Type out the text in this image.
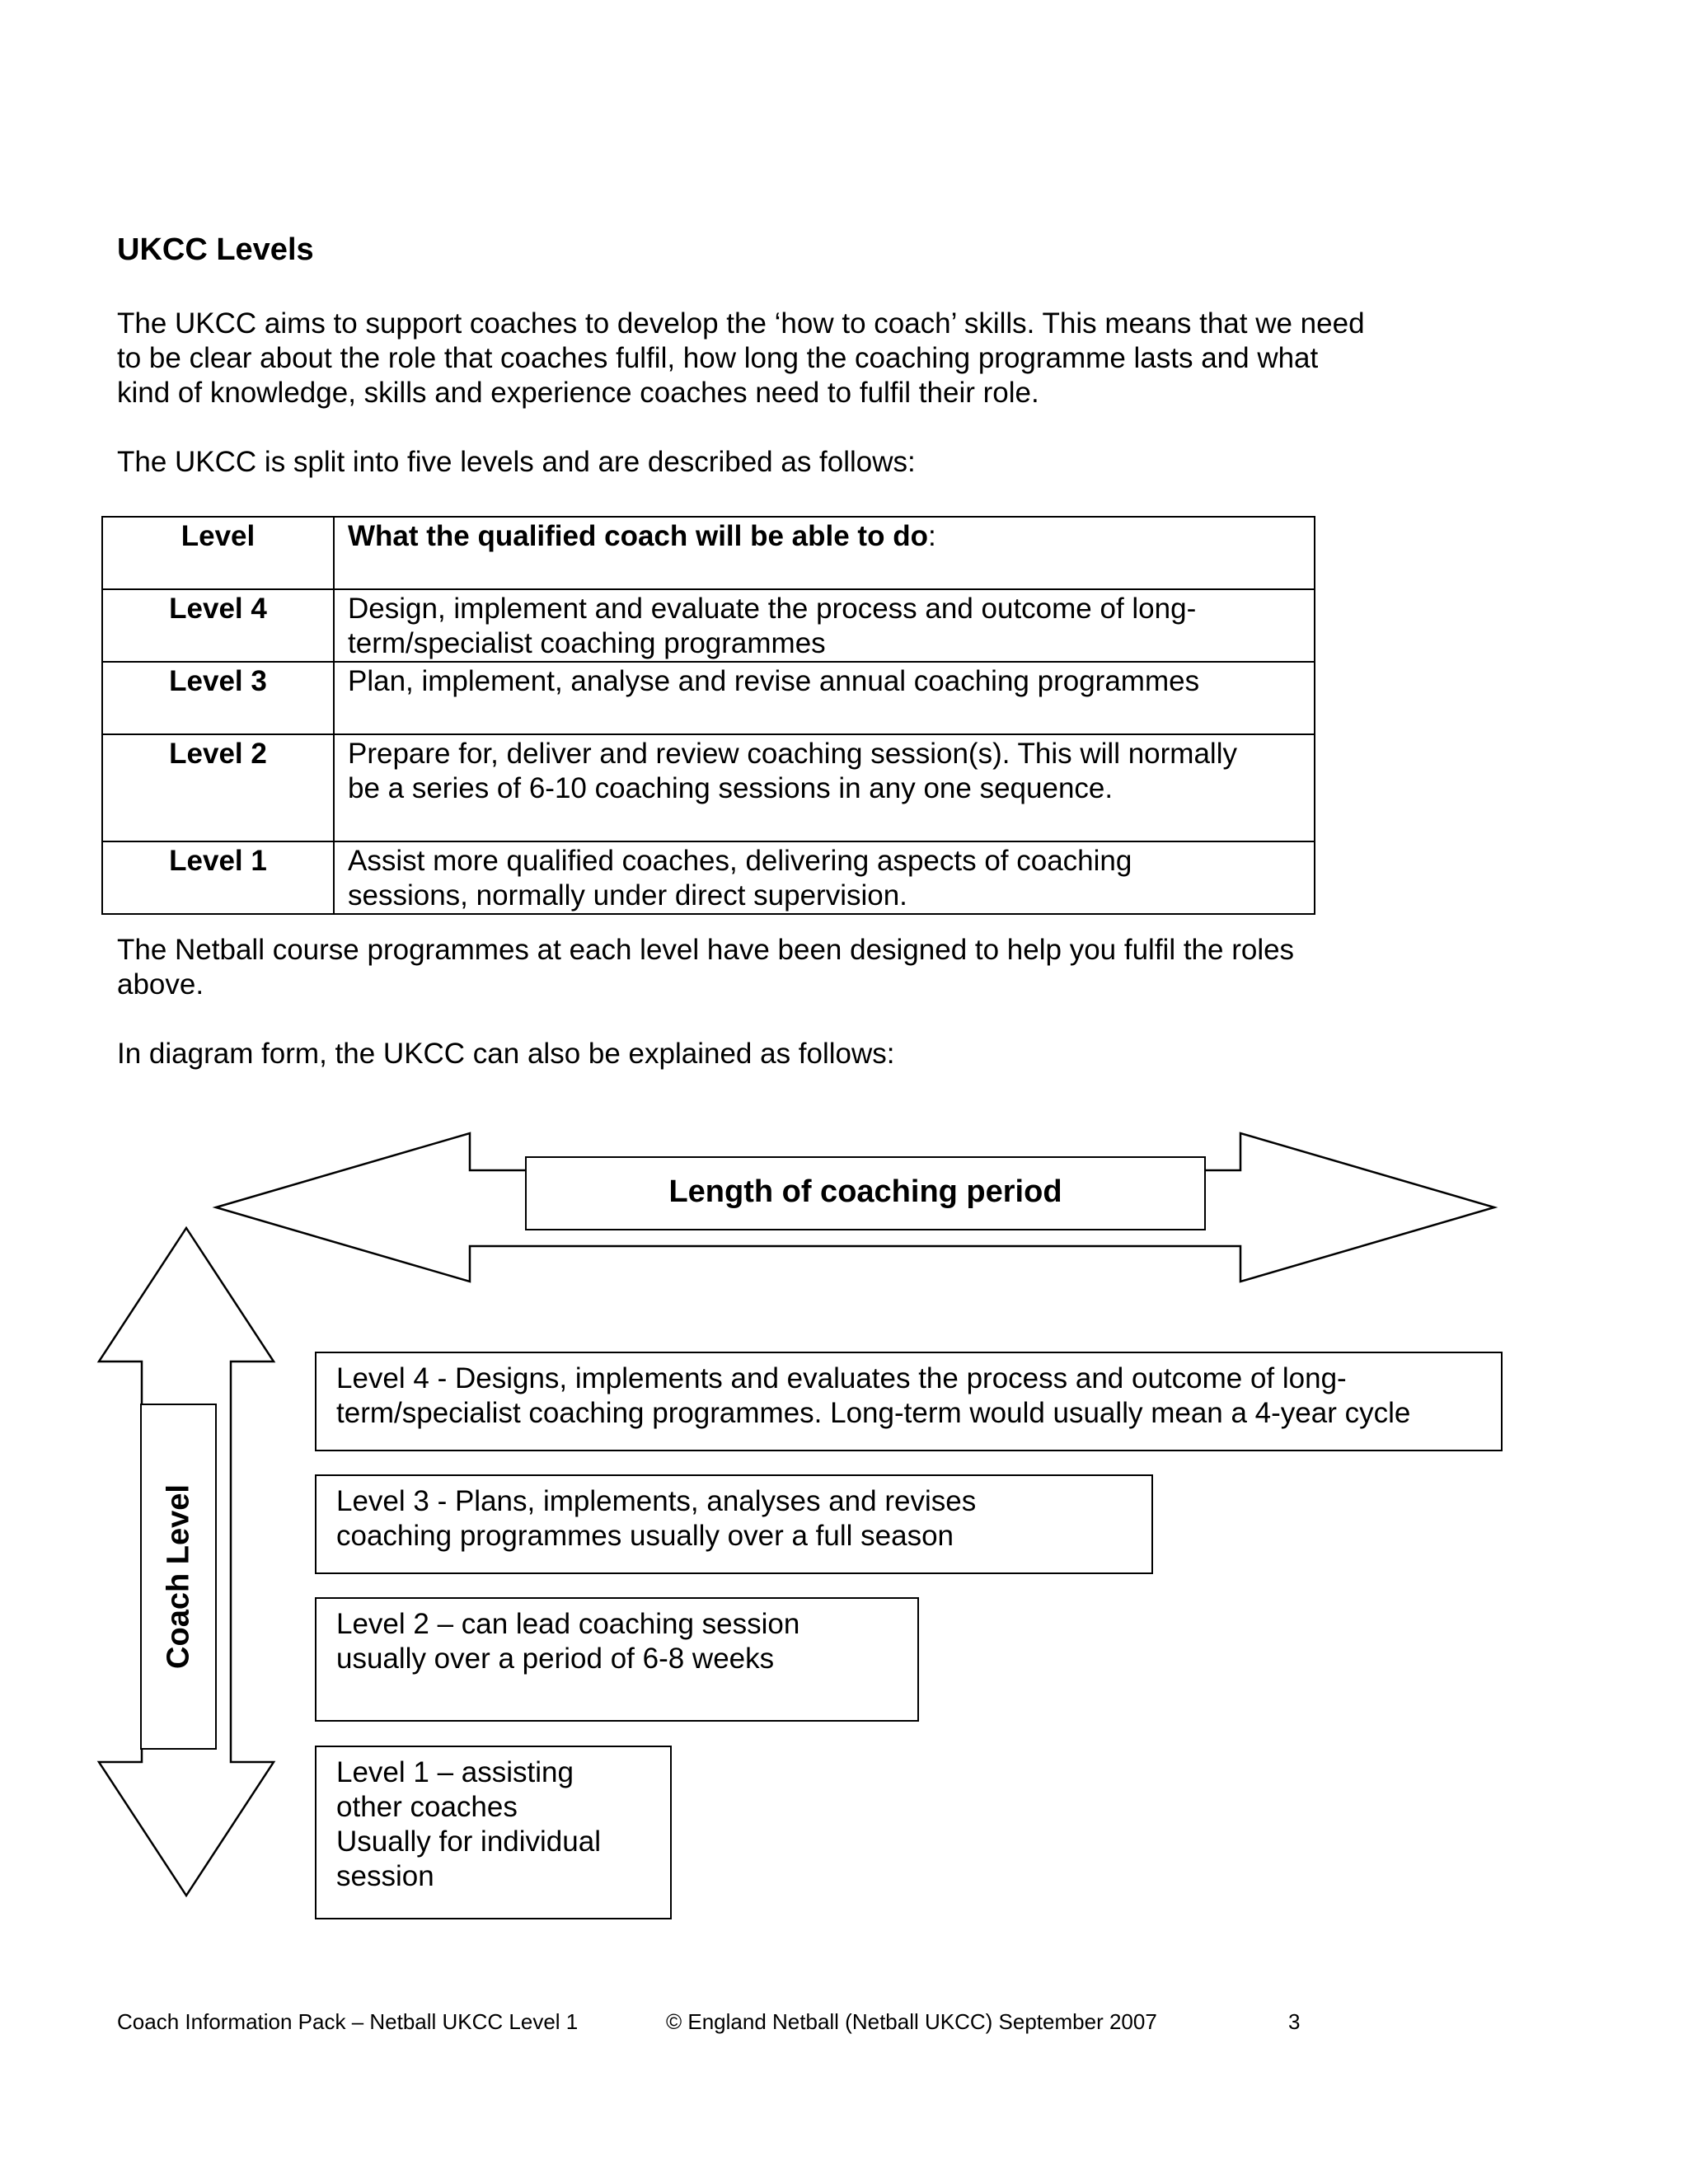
UKCC Levels
The UKCC aims to support coaches to develop the ‘how to coach’ skills. This means that we need
to be clear about the role that coaches fulfil, how long the coaching programme lasts and what
kind of knowledge, skills and experience coaches need to fulfil their role.
The UKCC is split into five levels and are described as follows:
Level	What the qualified coach will be able to do:
Level 4	Design, implement and evaluate the process and outcome of long-
term/specialist coaching programmes
Level 3	Plan, implement, analyse and revise annual coaching programmes
Level 2	Prepare for, deliver and review coaching session(s). This will normally
be a series of 6-10 coaching sessions in any one sequence.
Level 1	Assist more qualified coaches, delivering aspects of coaching
sessions, normally under direct supervision.
The Netball course programmes at each level have been designed to help you fulfil the roles
above.
In diagram form, the UKCC can also be explained as follows:
Length of coaching period
Coach Level
Level 4 - Designs, implements and evaluates the process and outcome of long-
term/specialist coaching programmes. Long-term would usually mean a 4-year cycle
Level 3 - Plans, implements, analyses and revises
coaching programmes usually over a full season
Level 2 – can lead coaching session
usually over a period of 6-8 weeks
Level 1 – assisting
other coaches
Usually for individual
session
Coach Information Pack – Netball UKCC Level 1	© England Netball (Netball UKCC) September 2007	3
